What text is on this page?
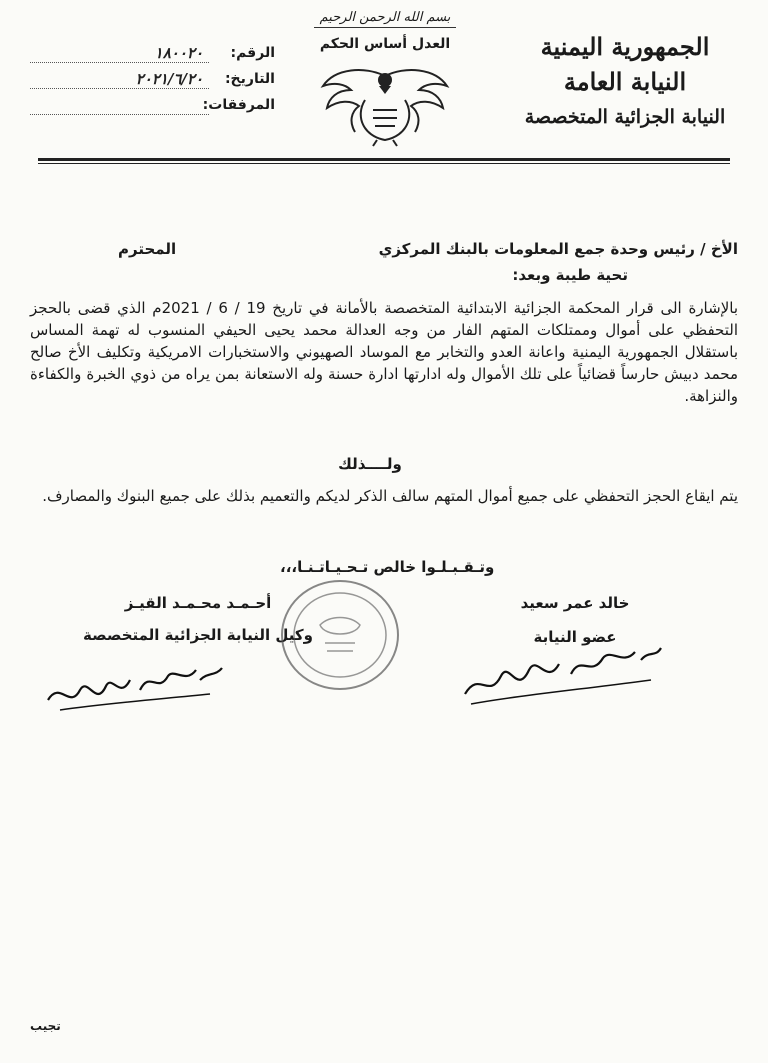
الجمهورية اليمنية

النيابة العامة

النيابة الجزائية المتخصصة

بسم الله الرحمن الرحيم
العدل أساس الحكم
الرقم:
١٨٠٠٢٠
التاريخ:
٢٠٢١/٦/٢٠
المرفقات:
الأخ / رئيس وحدة جمع المعلومات بالبنك المركزي
المحترم
تحية طيبة وبعد:
بالإشارة الى قرار المحكمة الجزائية الابتدائية المتخصصة بالأمانة في تاريخ 19 / 6 / 2021م الذي قضى بالحجز التحفظي على أموال وممتلكات المتهم الفار من وجه العدالة محمد يحيى الحيفي المنسوب له تهمة المساس باستقلال الجمهورية اليمنية واعانة العدو والتخابر مع الموساد الصهيوني والاستخبارات الامريكية وتكليف الأخ صالح محمد دبيش حارساً قضائياً على تلك الأموال وله ادارتها ادارة حسنة وله الاستعانة بمن يراه من ذوي الخبرة والكفاءة والنزاهة.
ولــــذلك
يتم ايقاع الحجز التحفظي على جميع أموال المتهم سالف الذكر لديكم والتعميم بذلك على جميع البنوك والمصارف.
وتـقـبـلـوا خالص تـحـيـاتـنـا،،،
خالد عمر سعيد
عضو النيابة
أحـمـد محـمـد القيـز
وكيل النيابة الجزائية المتخصصة
تجيب
